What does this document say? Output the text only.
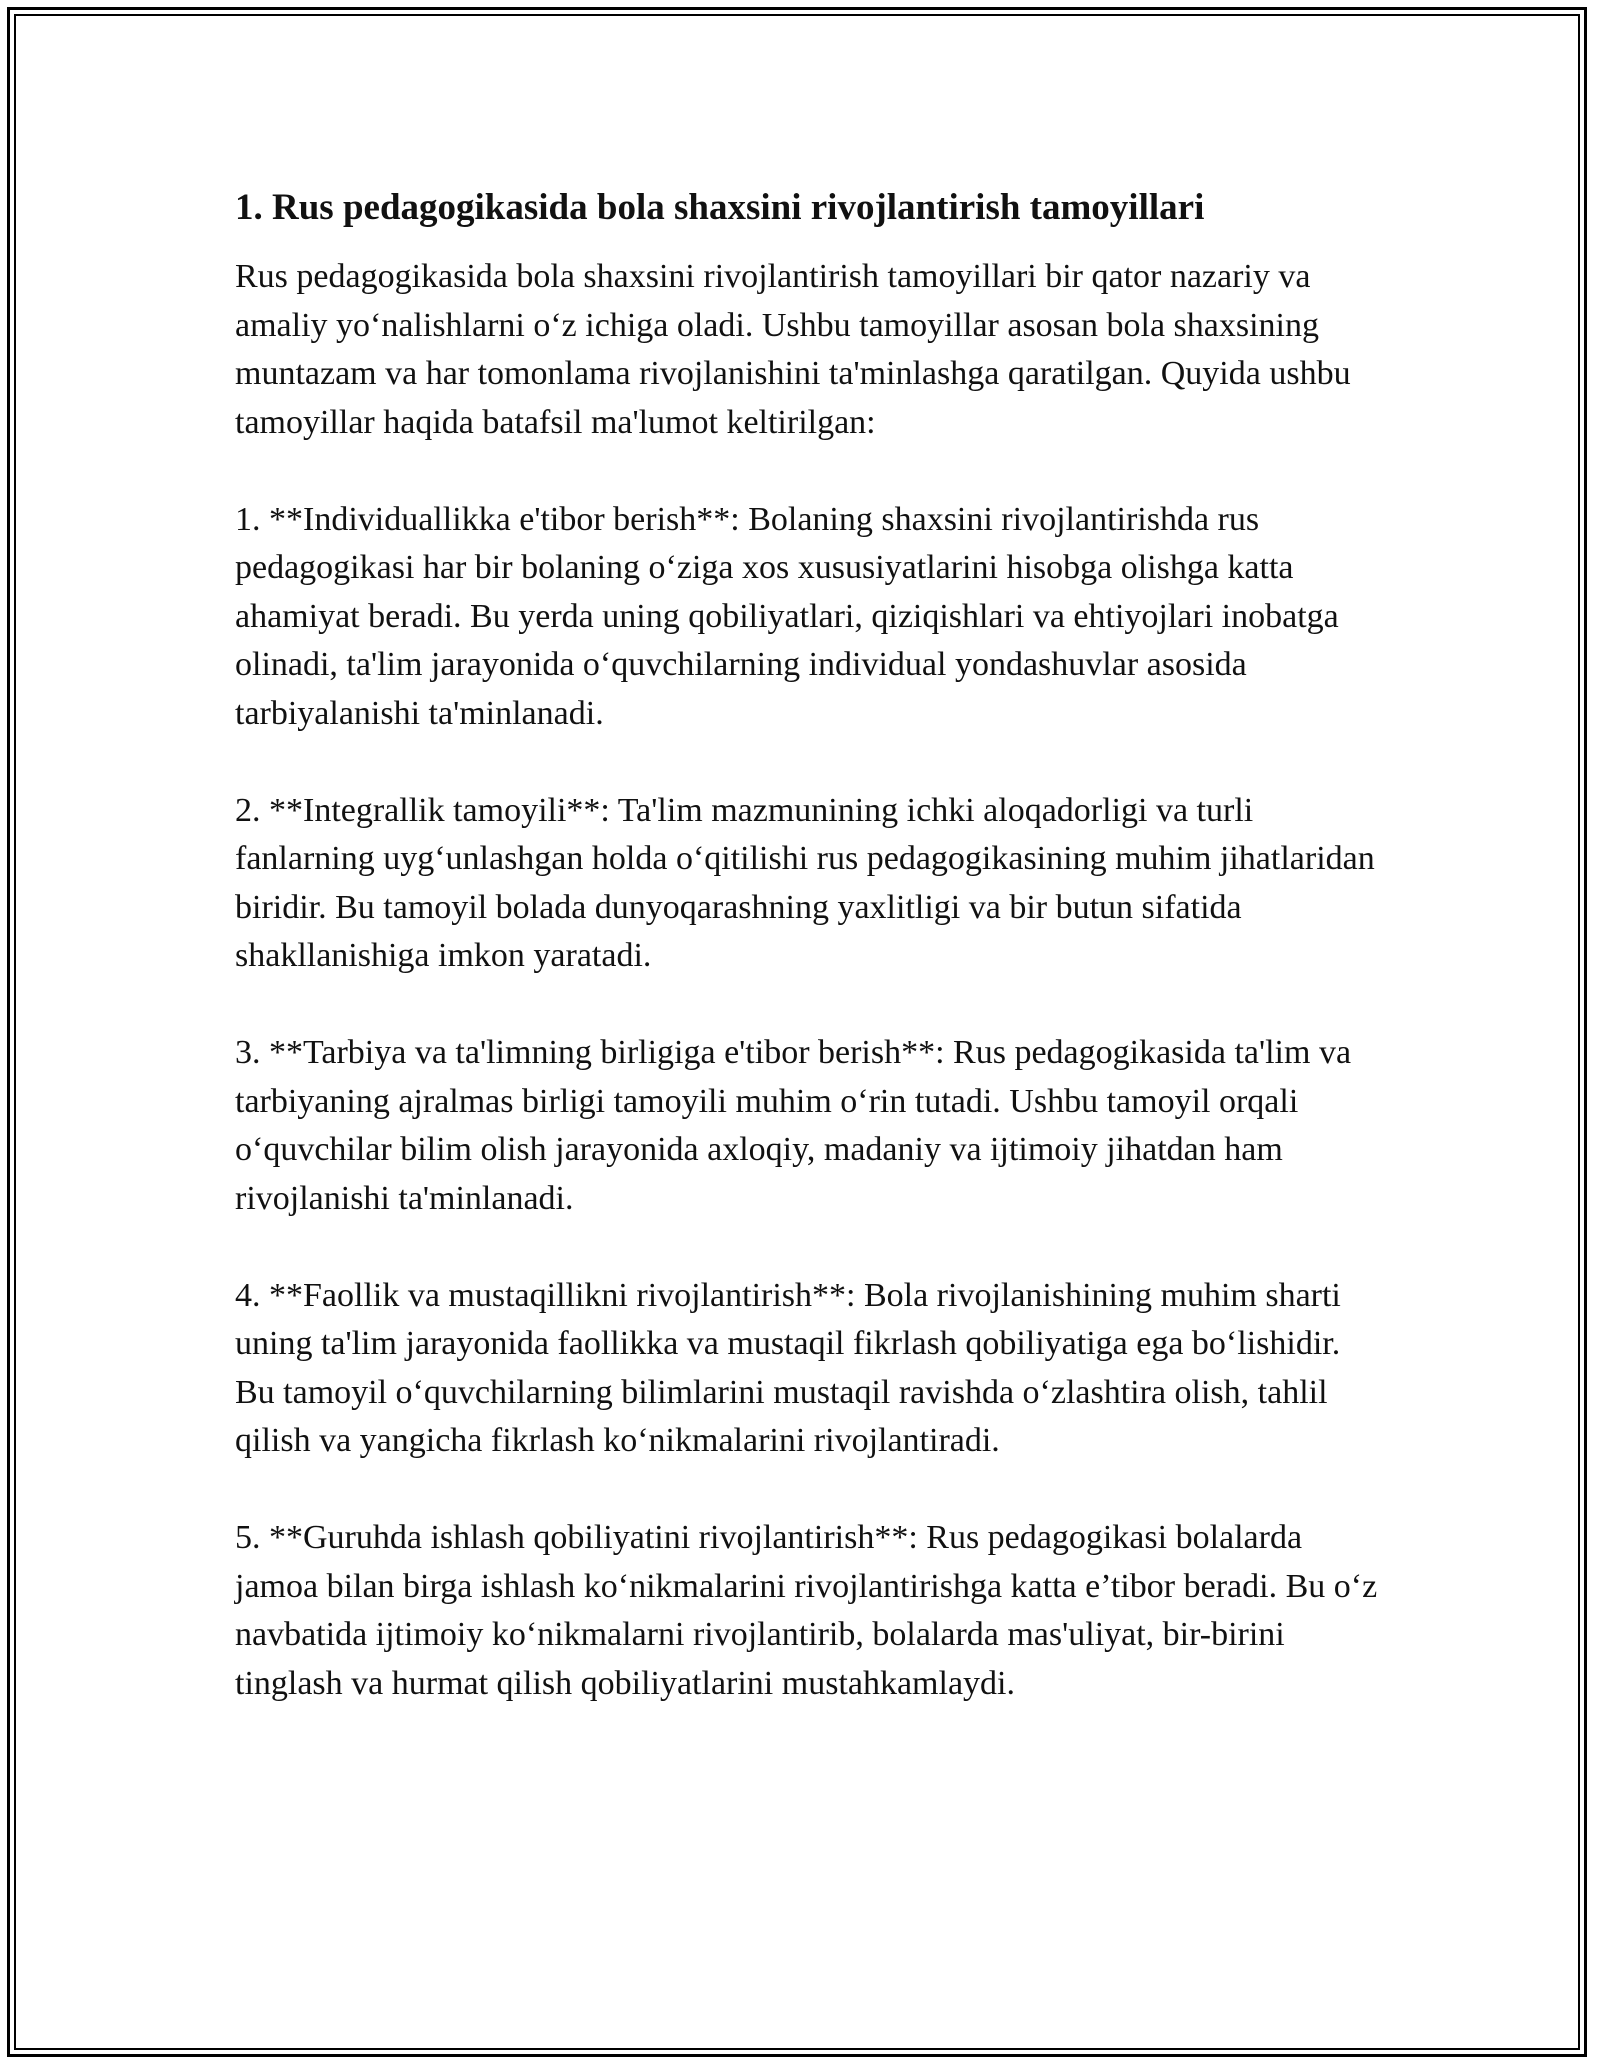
1. Rus pedagogikasida bola shaxsini rivojlantirish tamoyillari

Rus pedagogikasida bola shaxsini rivojlantirish tamoyillari bir qator nazariy va amaliy yo‘nalishlarni o‘z ichiga oladi. Ushbu tamoyillar asosan bola shaxsining muntazam va har tomonlama rivojlanishini ta'minlashga qaratilgan. Quyida ushbu tamoyillar haqida batafsil ma'lumot keltirilgan:

1. **Individuallikka e'tibor berish**: Bolaning shaxsini rivojlantirishda rus pedagogikasi har bir bolaning o‘ziga xos xususiyatlarini hisobga olishga katta ahamiyat beradi. Bu yerda uning qobiliyatlari, qiziqishlari va ehtiyojlari inobatga olinadi, ta'lim jarayonida o‘quvchilarning individual yondashuvlar asosida tarbiyalanishi ta'minlanadi.

2. **Integrallik tamoyili**: Ta'lim mazmunining ichki aloqadorligi va turli fanlarning uyg‘unlashgan holda o‘qitilishi rus pedagogikasining muhim jihatlaridan biridir. Bu tamoyil bolada dunyoqarashning yaxlitligi va bir butun sifatida shakllanishiga imkon yaratadi.

3. **Tarbiya va ta'limning birligiga e'tibor berish**: Rus pedagogikasida ta'lim va tarbiyaning ajralmas birligi tamoyili muhim o‘rin tutadi. Ushbu tamoyil orqali o‘quvchilar bilim olish jarayonida axloqiy, madaniy va ijtimoiy jihatdan ham rivojlanishi ta'minlanadi.

4. **Faollik va mustaqillikni rivojlantirish**: Bola rivojlanishining muhim sharti uning ta'lim jarayonida faollikka va mustaqil fikrlash qobiliyatiga ega bo‘lishidir. Bu tamoyil o‘quvchilarning bilimlarini mustaqil ravishda o‘zlashtira olish, tahlil qilish va yangicha fikrlash ko‘nikmalarini rivojlantiradi.

5. **Guruhda ishlash qobiliyatini rivojlantirish**: Rus pedagogikasi bolalarda jamoa bilan birga ishlash ko‘nikmalarini rivojlantirishga katta e’tibor beradi. Bu o‘z navbatida ijtimoiy ko‘nikmalarni rivojlantirib, bolalarda mas'uliyat, bir-birini tinglash va hurmat qilish qobiliyatlarini mustahkamlaydi.
